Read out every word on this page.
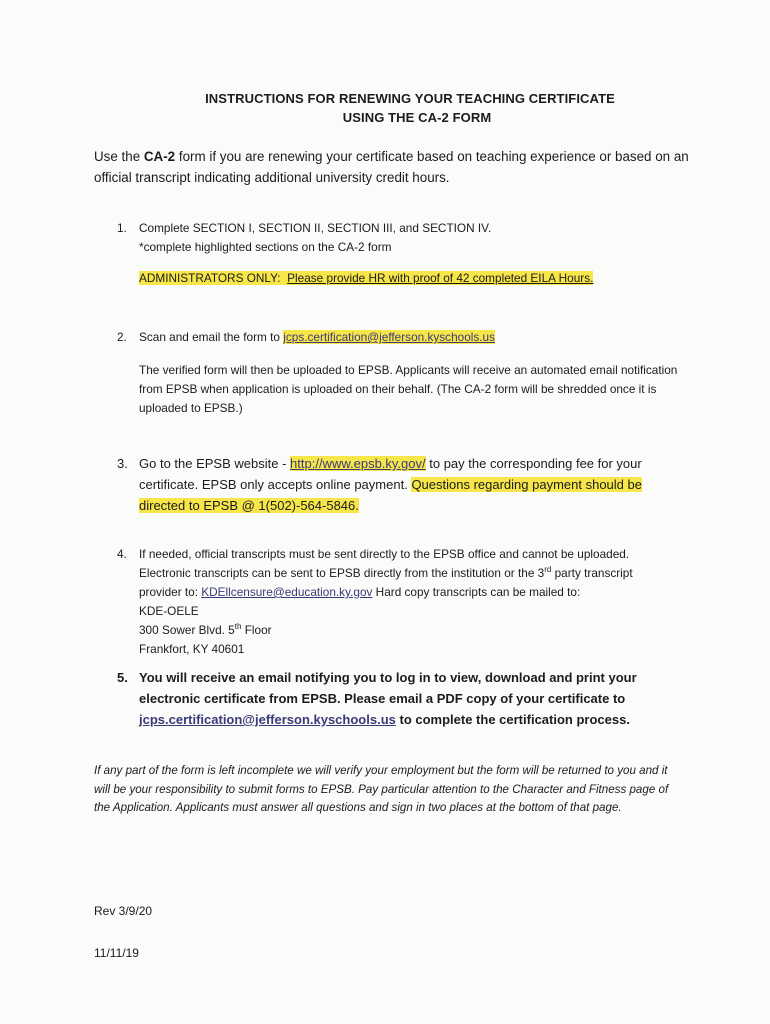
INSTRUCTIONS FOR RENEWING YOUR TEACHING CERTIFICATE
USING THE CA-2 FORM
Use the CA-2 form if you are renewing your certificate based on teaching experience or based on an official transcript indicating additional university credit hours.
1. Complete SECTION I, SECTION II, SECTION III, and SECTION IV.

*complete highlighted sections on the CA-2 form

ADMINISTRATORS ONLY: Please provide HR with proof of 42 completed EILA Hours.

2. Scan and email the form to jcps.certification@jefferson.kyschools.us

The verified form will then be uploaded to EPSB. Applicants will receive an automated email notification from EPSB when application is uploaded on their behalf. (The CA-2 form will be shredded once it is uploaded to EPSB.)

3. Go to the EPSB website - http://www.epsb.ky.gov/ to pay the corresponding fee for your certificate. EPSB only accepts online payment. Questions regarding payment should be directed to EPSB @ 1(502)-564-5846.
4. If needed, official transcripts must be sent directly to the EPSB office and cannot be uploaded.

Electronic transcripts can be sent to EPSB directly from the institution or the 3rd party transcript

provider to: KDEllcensure@education.ky.gov Hard copy transcripts can be mailed to:

KDE-OELE

300 Sower Blvd. 5th Floor

Frankfort, KY 40601

5. You will receive an email notifying you to log in to view, download and print your electronic certificate from EPSB. Please email a PDF copy of your certificate to jcps.certification@jefferson.kyschools.us to complete the certification process.
If any part of the form is left incomplete we will verify your employment but the form will be returned to you and it will be your responsibility to submit forms to EPSB. Pay particular attention to the Character and Fitness page of the Application. Applicants must answer all questions and sign in two places at the bottom of that page.
Rev 3/9/20
11/11/19
